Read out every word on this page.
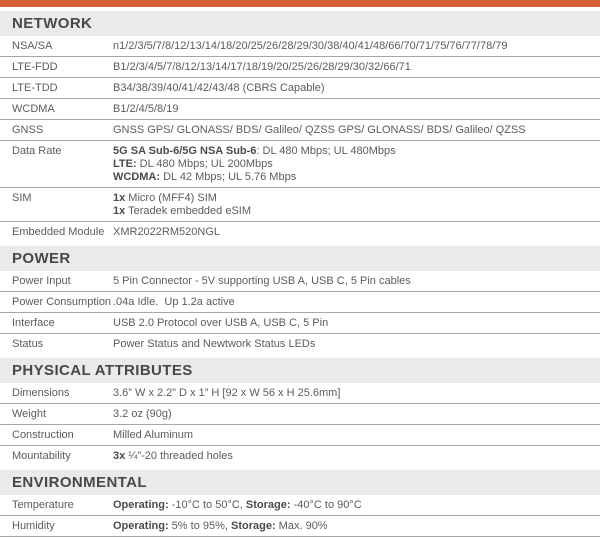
NETWORK
NSA/SA	n1/2/3/5/7/8/12/13/14/18/20/25/26/28/29/30/38/40/41/48/66/70/71/75/76/77/78/79
LTE-FDD	B1/2/3/4/5/7/8/12/13/14/17/18/19/20/25/26/28/29/30/32/66/71
LTE-TDD	B34/38/39/40/41/42/43/48 (CBRS Capable)
WCDMA	B1/2/4/5/8/19
GNSS	GNSS GPS/ GLONASS/ BDS/ Galileo/ QZSS GPS/ GLONASS/ BDS/ Galileo/ QZSS
Data Rate	5G SA Sub-6/5G NSA Sub-6: DL 480 Mbps; UL 480Mbps
LTE: DL 480 Mbps; UL 200Mbps
WCDMA: DL 42 Mbps; UL 5.76 Mbps
SIM	1x Micro (MFF4) SIM
1x Teradek embedded eSIM
Embedded Module XMR2022RM520NGL
POWER
Power Input	5 Pin Connector - 5V supporting USB A, USB C, 5 Pin cables
Power Consumption .04a Idle.  Up 1.2a active
Interface	USB 2.0 Protocol over USB A, USB C, 5 Pin
Status	Power Status and Newtwork Status LEDs
PHYSICAL ATTRIBUTES
Dimensions	3.6” W x 2.2” D x 1” H [92 x W 56 x H 25.6mm]
Weight	3.2 oz (90g)
Construction	Milled Aluminum
Mountability	3x ¼”-20 threaded holes
ENVIRONMENTAL
Temperature	Operating: -10°C to 50°C, Storage: -40°C to 90°C
Humidity	Operating: 5% to 95%, Storage: Max. 90%
